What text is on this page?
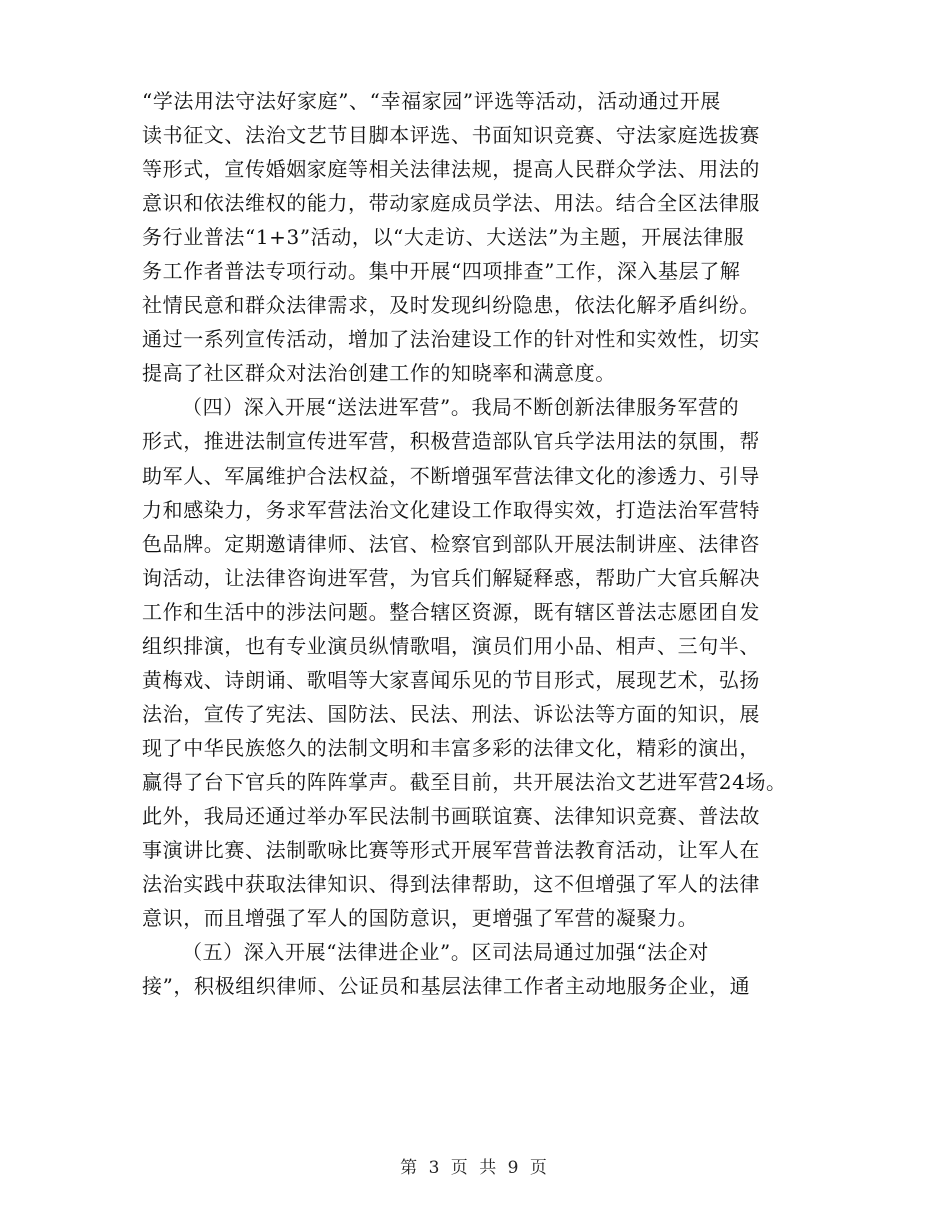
“学法用法守法好家庭”、“幸福家园”评选等活动，活动通过开展
读书征文、法治文艺节目脚本评选、书面知识竞赛、守法家庭选拔赛
等形式，宣传婚姻家庭等相关法律法规，提高人民群众学法、用法的
意识和依法维权的能力，带动家庭成员学法、用法。结合全区法律服
务行业普法“1+3”活动，以“大走访、大送法”为主题，开展法律服
务工作者普法专项行动。集中开展“四项排查”工作，深入基层了解
社情民意和群众法律需求，及时发现纠纷隐患，依法化解矛盾纠纷。
通过一系列宣传活动，增加了法治建设工作的针对性和实效性，切实
提高了社区群众对法治创建工作的知晓率和满意度。
（四）深入开展“送法进军营”。我局不断创新法律服务军营的
形式，推进法制宣传进军营，积极营造部队官兵学法用法的氛围，帮
助军人、军属维护合法权益，不断增强军营法律文化的渗透力、引导
力和感染力，务求军营法治文化建设工作取得实效，打造法治军营特
色品牌。定期邀请律师、法官、检察官到部队开展法制讲座、法律咨
询活动，让法律咨询进军营，为官兵们解疑释惑，帮助广大官兵解决
工作和生活中的涉法问题。整合辖区资源，既有辖区普法志愿团自发
组织排演，也有专业演员纵情歌唱，演员们用小品、相声、三句半、
黄梅戏、诗朗诵、歌唱等大家喜闻乐见的节目形式，展现艺术，弘扬
法治，宣传了宪法、国防法、民法、刑法、诉讼法等方面的知识，展
现了中华民族悠久的法制文明和丰富多彩的法律文化，精彩的演出，
赢得了台下官兵的阵阵掌声。截至目前，共开展法治文艺进军营24场。
此外，我局还通过举办军民法制书画联谊赛、法律知识竞赛、普法故
事演讲比赛、法制歌咏比赛等形式开展军营普法教育活动，让军人在
法治实践中获取法律知识、得到法律帮助，这不但增强了军人的法律
意识，而且增强了军人的国防意识，更增强了军营的凝聚力。
（五）深入开展“法律进企业”。区司法局通过加强“法企对
接”，积极组织律师、公证员和基层法律工作者主动地服务企业，通
第 3 页 共 9 页
